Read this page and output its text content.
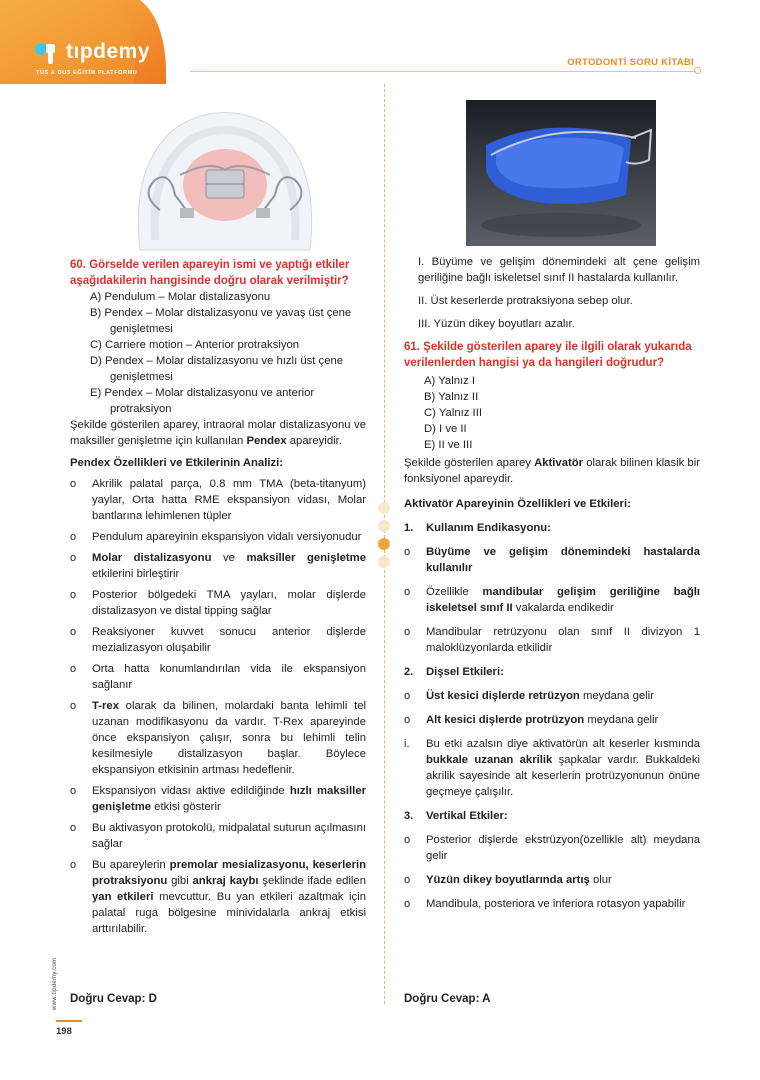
tıpdemy
TUS & DUS EĞİTİM PLATFORMU
ORTODONTİ SORU KİTABI
60. Görselde verilen apareyin ismi ve yaptığı etkiler aşağıdakilerin hangisinde doğru olarak verilmiştir?
A) Pendulum – Molar distalizasyonu
B) Pendex – Molar distalizasyonu ve yavaş üst çene genişletmesi
C) Carriere motion – Anterior protraksiyon
D) Pendex – Molar distalizasyonu ve hızlı üst çene genişletmesi
E) Pendex – Molar distalizasyonu ve anterior protraksiyon
Şekilde gösterilen aparey, intraoral molar distalizasyonu ve maksiller genişletme için kullanılan Pendex apareyidir.
Pendex Özellikleri ve Etkilerinin Analizi:
o	Akrilik palatal parça, 0.8 mm TMA (beta-titanyum) yaylar, Orta hatta RME ekspansiyon vidası, Molar bantlarına lehimlenen tüpler
o	Pendulum apareyinin ekspansiyon vidalı versiyonudur
o	Molar distalizasyonu ve maksiller genişletme etkilerini birleştirir
o	Posterior bölgedeki TMA yayları, molar dişlerde distalizasyon ve distal tipping sağlar
o	Reaksiyoner kuvvet sonucu anterior dişlerde mezializasyon oluşabilir
o	Orta hatta konumlandırılan vida ile ekspansiyon sağlanır
o	T-rex olarak da bilinen, molardaki banta lehimli tel uzanan modifikasyonu da vardır. T-Rex apareyinde önce ekspansiyon çalışır, sonra bu lehimli telin kesilmesiyle distalizasyon başlar. Böylece ekspansiyon etkisinin artması hedeflenir.
o	Ekspansiyon vidası aktive edildiğinde hızlı maksiller genişletme etkisi gösterir
o	Bu aktivasyon protokolü, midpalatal suturun açılmasını sağlar
o	Bu apareylerin premolar mesializasyonu, keserlerin protraksiyonu gibi ankraj kaybı şeklinde ifade edilen yan etkileri mevcuttur. Bu yan etkileri azaltmak için palatal ruga bölgesine minividalarla ankraj etkisi arttırılabilir.
Doğru Cevap: D
I. Büyüme ve gelişim dönemindeki alt çene gelişim geriliğine bağlı iskeletsel sınıf II hastalarda kullanılır.
II. Üst keserlerde protraksiyona sebep olur.
III. Yüzün dikey boyutları azalır.
61. Şekilde gösterilen aparey ile ilgili olarak yukarıda verilenlerden hangisi ya da hangileri doğrudur?
A) Yalnız I
B) Yalnız II
C) Yalnız III
D) I ve II
E) II ve III
Şekilde gösterilen aparey Aktivatör olarak bilinen klasik bir fonksiyonel apareydir.
Aktivatör Apareyinin Özellikleri ve Etkileri:
1.	Kullanım Endikasyonu:
o	Büyüme ve gelişim dönemindeki hastalarda kullanılır
o	Özellikle mandibular gelişim geriliğine bağlı iskeletsel sınıf II vakalarda endikedir
o	Mandibular retrüzyonu olan sınıf II divizyon 1 maloklüzyonlarda etkilidir
2.	Dişsel Etkileri:
o	Üst kesici dişlerde retrüzyon meydana gelir
o	Alt kesici dişlerde protrüzyon meydana gelir
i.	Bu etki azalsın diye aktivatörün alt keserler kısmında bukkale uzanan akrilik şapkalar vardır. Bukkaldeki akrilik sayesinde alt keserlerin protrüzyonunun önüne geçmeye çalışılır.
3.	Vertikal Etkiler:
o	Posterior dişlerde ekstrüzyon(özellikle alt) meydana gelir
o	Yüzün dikey boyutlarında artış olur
o	Mandibula, posteriora ve inferiora rotasyon yapabilir
Doğru Cevap: A
www.tipdemy.com
198
